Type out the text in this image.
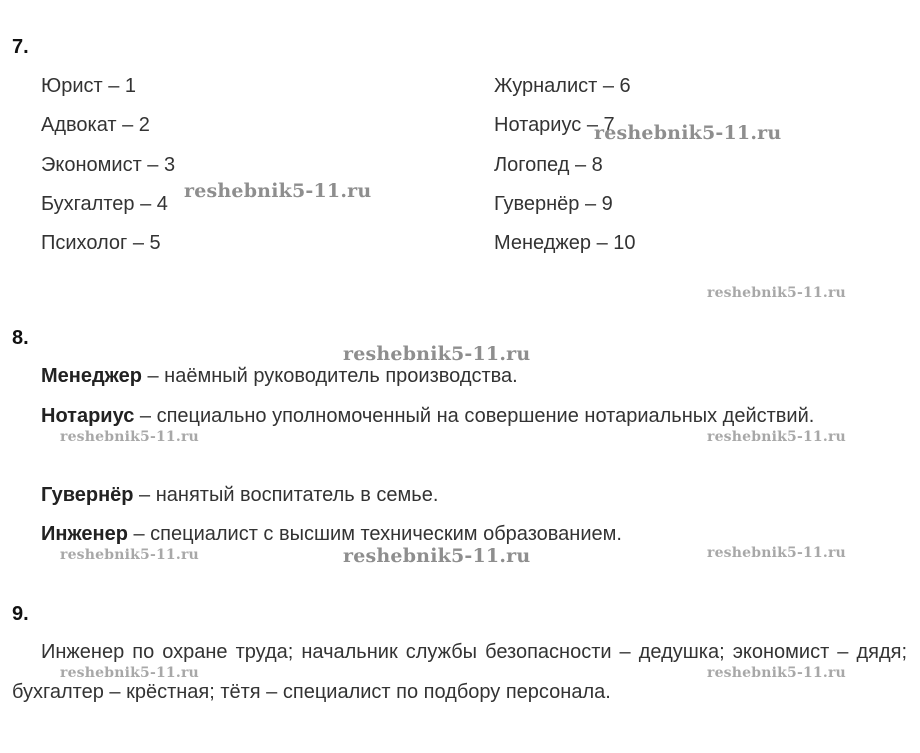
7.
Юрист – 1
Адвокат – 2
Экономист – 3
Бухгалтер – 4
Психолог – 5
Журналист – 6
Нотариус – 7
Логопед – 8
Гувернёр – 9
Менеджер – 10
8.
Менеджер – наёмный руководитель производства.
Нотариус – специально уполномоченный на совершение нотариальных действий.
Гувернёр – нанятый воспитатель в семье.
Инженер – специалист с высшим техническим образованием.
9.
Инженер по охране труда; начальник службы безопасности – дедушка; экономист – дядя; бухгалтер – крёстная; тётя – специалист по подбору персонала.
reshebnik5-11.ru
reshebnik5-11.ru
reshebnik5-11.ru
reshebnik5-11.ru
reshebnik5-11.ru	reshebnik5-11.ru
reshebnik5-11.ru	reshebnik5-11.ru	reshebnik5-11.ru
reshebnik5-11.ru	reshebnik5-11.ru
